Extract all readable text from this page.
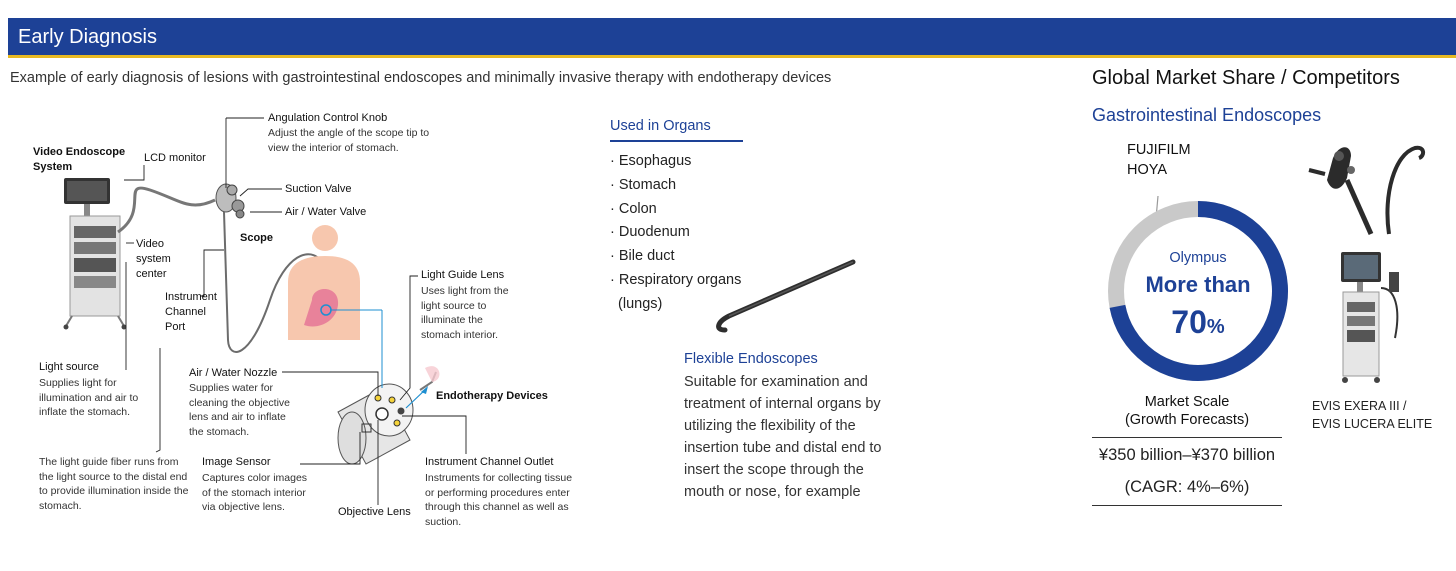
Early Diagnosis
Example of early diagnosis of lesions with gastrointestinal endoscopes and minimally invasive therapy with endotherapy devices
Video Endoscope System
LCD monitor
Video system center
Light source
Supplies light for illumination and air to inflate the stomach.
The light guide fiber runs from the light source to the distal end to provide illumination inside the stomach.
Angulation Control Knob
Adjust the angle of the scope tip to view the interior of stomach.
Suction Valve
Air / Water Valve
Scope
Instrument Channel Port
Light Guide Lens
Uses light from the light source to illuminate the stomach interior.
Air / Water Nozzle
Supplies water for cleaning the objective lens and air to inflate the stomach.
Endotherapy Devices
Image Sensor
Captures color images of the stomach interior via objective lens.	Objective Lens
Instrument Channel Outlet
Instruments for collecting tissue or performing procedures enter through this channel as well as suction.
Used in Organs
· Esophagus
· Stomach
· Colon
· Duodenum
· Bile duct
· Respiratory organs
(lungs)
Flexible Endoscopes
Suitable for examination and treatment of internal organs by utilizing the flexibility of the insertion tube and distal end to insert the scope through the mouth or nose, for example
Global Market Share / Competitors
Gastrointestinal Endoscopes
FUJIFILM
HOYA
Olympus
More than
70%
Market Scale
(Growth Forecasts)
¥350 billion–¥370 billion
(CAGR: 4%–6%)
EVIS EXERA III /
EVIS LUCERA ELITE
